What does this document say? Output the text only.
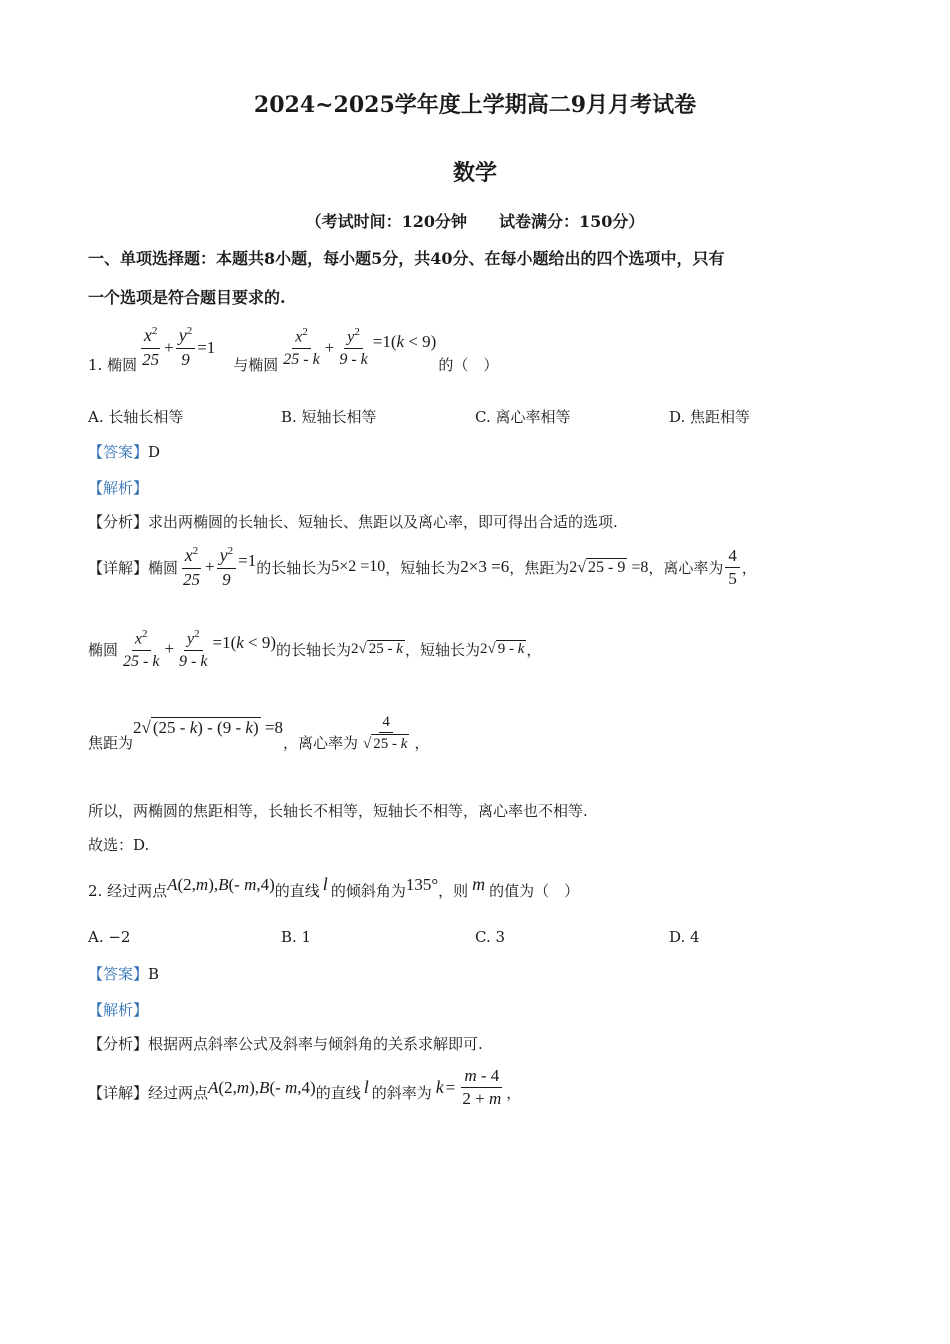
2024~2025学年度上学期高二9月月考试卷
数学
（考试时间：120分钟　　试卷满分：150分）
一、单项选择题：本题共8小题，每小题5分，共40分、在每小题给出的四个选项中，只有
一个选项是符合题目要求的.
1. 椭圆 $\frac{x^2}{25} + \frac{y^2}{9} =1$
与椭圆 $\frac{x^2}{25 - k} + \frac{y^2}{9 - k} =1(k < 9)$
的（　）
A. 长轴长相等	B. 短轴长相等	C. 离心率相等	D. 焦距相等
【答案】D
【解析】
【分析】求出两椭圆的长轴长、短轴长、焦距以及离心率，即可得出合适的选项.
【详解】 椭圆 $\frac{x^2}{25} + \frac{y^2}{9} =1$ 的长轴长为 5×2 =10 ，短轴长为 2×3 =6 ，焦距为 2√ 25 - 9 =8 ，离心率为 $\frac{4}{5}$ ，
椭圆 $\frac{x^2}{25 - k} + \frac{y^2}{9 - k} =1(k < 9)$ 的长轴长为 2√ 25 - k ，短轴长为 2√ 9 - k ，
焦距为
2√ (25 - k) - (9 - k) =8
，离心率为 $\frac{4}{√ 25 - k}$ ，
所以，两椭圆的焦距相等，长轴长不相等，短轴长不相等，离心率也不相等.
故选：D.
2. 经过两点 A(2,m),B(- m,4) 的直线 l 的倾斜角为 135° ，则 m 的值为（　）
A. −2	B. 1	C. 3	D. 4
【答案】B
【解析】
【分析】根据两点斜率公式及斜率与倾斜角的关系求解即可.
【详解】 经过两点 A(2,m),B(- m,4) 的直线 l 的斜率为 $k = \frac{m - 4}{2 + m}$ ，
